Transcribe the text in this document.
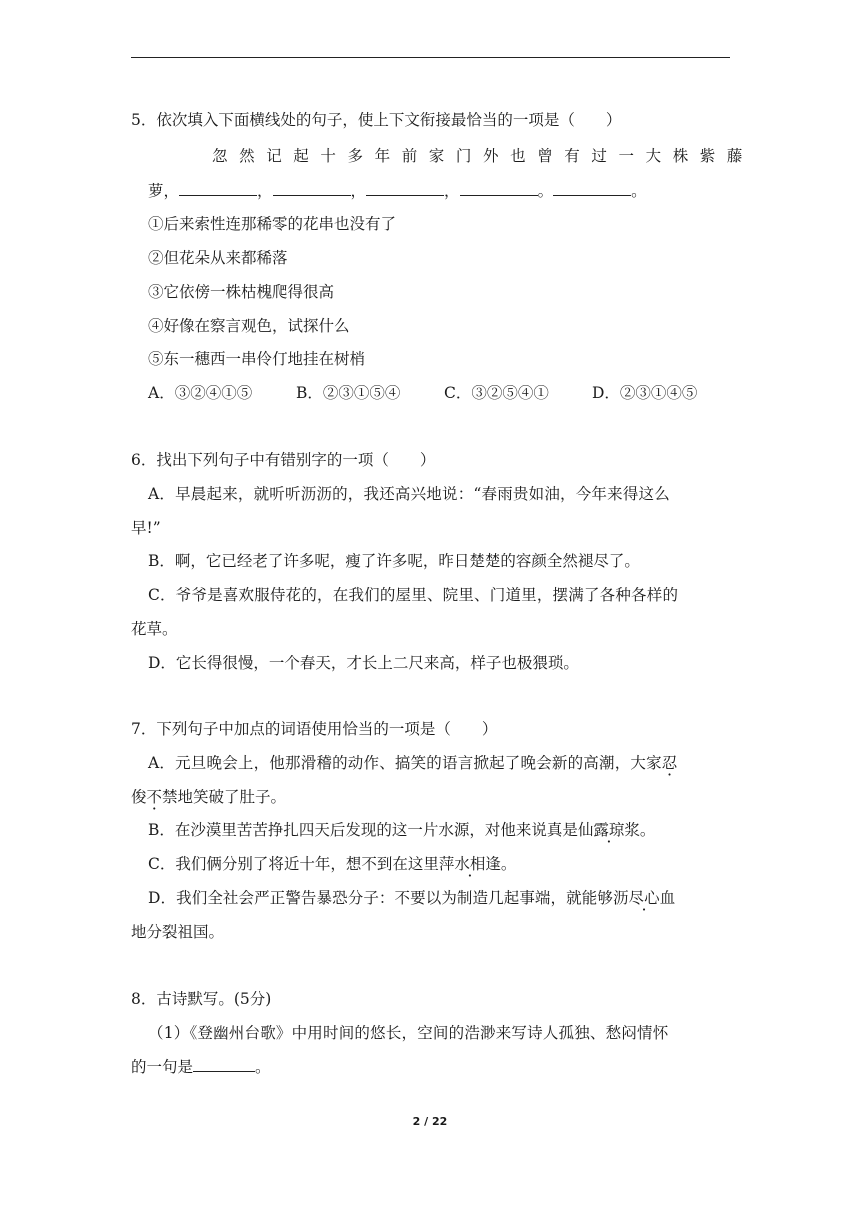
5．依次填入下面横线处的句子，使上下文衔接最恰当的一项是（　　）
忽然记起十多年前家门外也曾有过一大株紫藤
萝，	，	，	，	。	。
①后来索性连那稀零的花串也没有了
②但花朵从来都稀落
③它依傍一株枯槐爬得很高
④好像在察言观色，试探什么
⑤东一穗西一串伶仃地挂在树梢
A．③②④①⑤	B．②③①⑤④	C．③②⑤④①	D．②③①④⑤
6．找出下列句子中有错别字的一项（　　）
A．早晨起来，就听听沥沥的，我还高兴地说：“春雨贵如油，今年来得这么
早!”
B．啊，它已经老了许多呢，瘦了许多呢，昨日楚楚的容颜全然褪尽了。
C．爷爷是喜欢服侍花的，在我们的屋里、院里、门道里，摆满了各种各样的
花草。
D．它长得很慢，一个春天，才长上二尺来高，样子也极猥琐。
7．下列句子中加点的词语使用恰当的一项是（　　）
A．元旦晚会上，他那滑稽的动作、搞笑的语言掀起了晚会新的高潮，大家忍
俊不禁地笑破了肚子。
B．在沙漠里苦苦挣扎四天后发现的这一片水源，对他来说真是仙露琼浆。
C．我们俩分别了将近十年，想不到在这里萍水相逢。
D．我们全社会严正警告暴恐分子：不要以为制造几起事端，就能够沥尽心血
地分裂祖国。
8．古诗默写。(5分)
（1）《登幽州台歌》中用时间的悠长，空间的浩渺来写诗人孤独、愁闷情怀
的一句是	。
2 / 22
